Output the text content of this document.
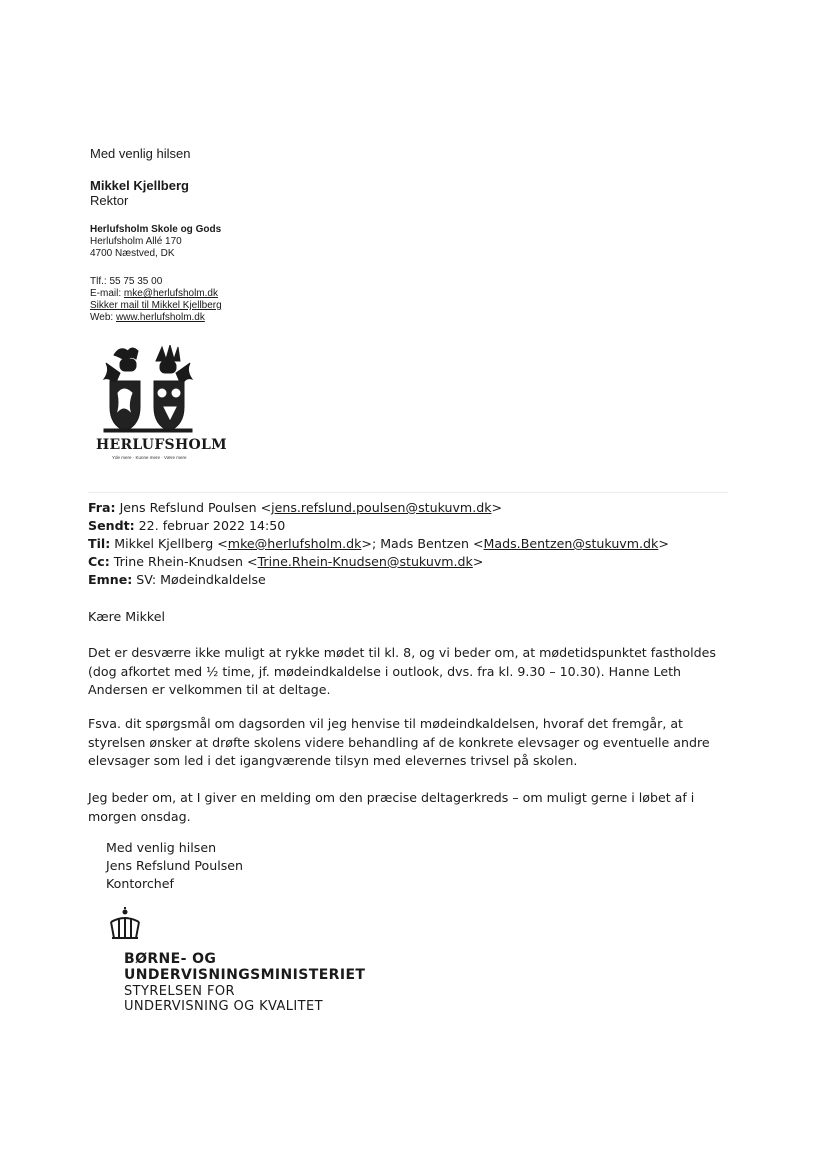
Med venlig hilsen
Mikkel Kjellberg
Rektor
Herlufsholm Skole og Gods
Herlufsholm Allé 170
4700 Næstved, DK
Tlf.: 55 75 35 00
E-mail: mke@herlufsholm.dk
Sikker mail til Mikkel Kjellberg
Web: www.herlufsholm.dk
HERLUFSHOLM
Yde mere · Kunne mere · Være mere
Fra: Jens Refslund Poulsen <jens.refslund.poulsen@stukuvm.dk>
Sendt: 22. februar 2022 14:50
Til: Mikkel Kjellberg <mke@herlufsholm.dk>; Mads Bentzen <Mads.Bentzen@stukuvm.dk>
Cc: Trine Rhein-Knudsen <Trine.Rhein-Knudsen@stukuvm.dk>
Emne: SV: Mødeindkaldelse
Kære Mikkel
Det er desværre ikke muligt at rykke mødet til kl. 8, og vi beder om, at mødetidspunktet fastholdes (dog afkortet med ½ time, jf. mødeindkaldelse i outlook, dvs. fra kl. 9.30 – 10.30). Hanne Leth Andersen er velkommen til at deltage.
Fsva. dit spørgsmål om dagsorden vil jeg henvise til mødeindkaldelsen, hvoraf det fremgår, at styrelsen ønsker at drøfte skolens videre behandling af de konkrete elevsager og eventuelle andre elevsager som led i det igangværende tilsyn med elevernes trivsel på skolen.
Jeg beder om, at I giver en melding om den præcise deltagerkreds – om muligt gerne i løbet af i morgen onsdag.
Med venlig hilsen
Jens Refslund Poulsen
Kontorchef
BØRNE- OG
UNDERVISNINGSMINISTERIET
STYRELSEN FOR
UNDERVISNING OG KVALITET
